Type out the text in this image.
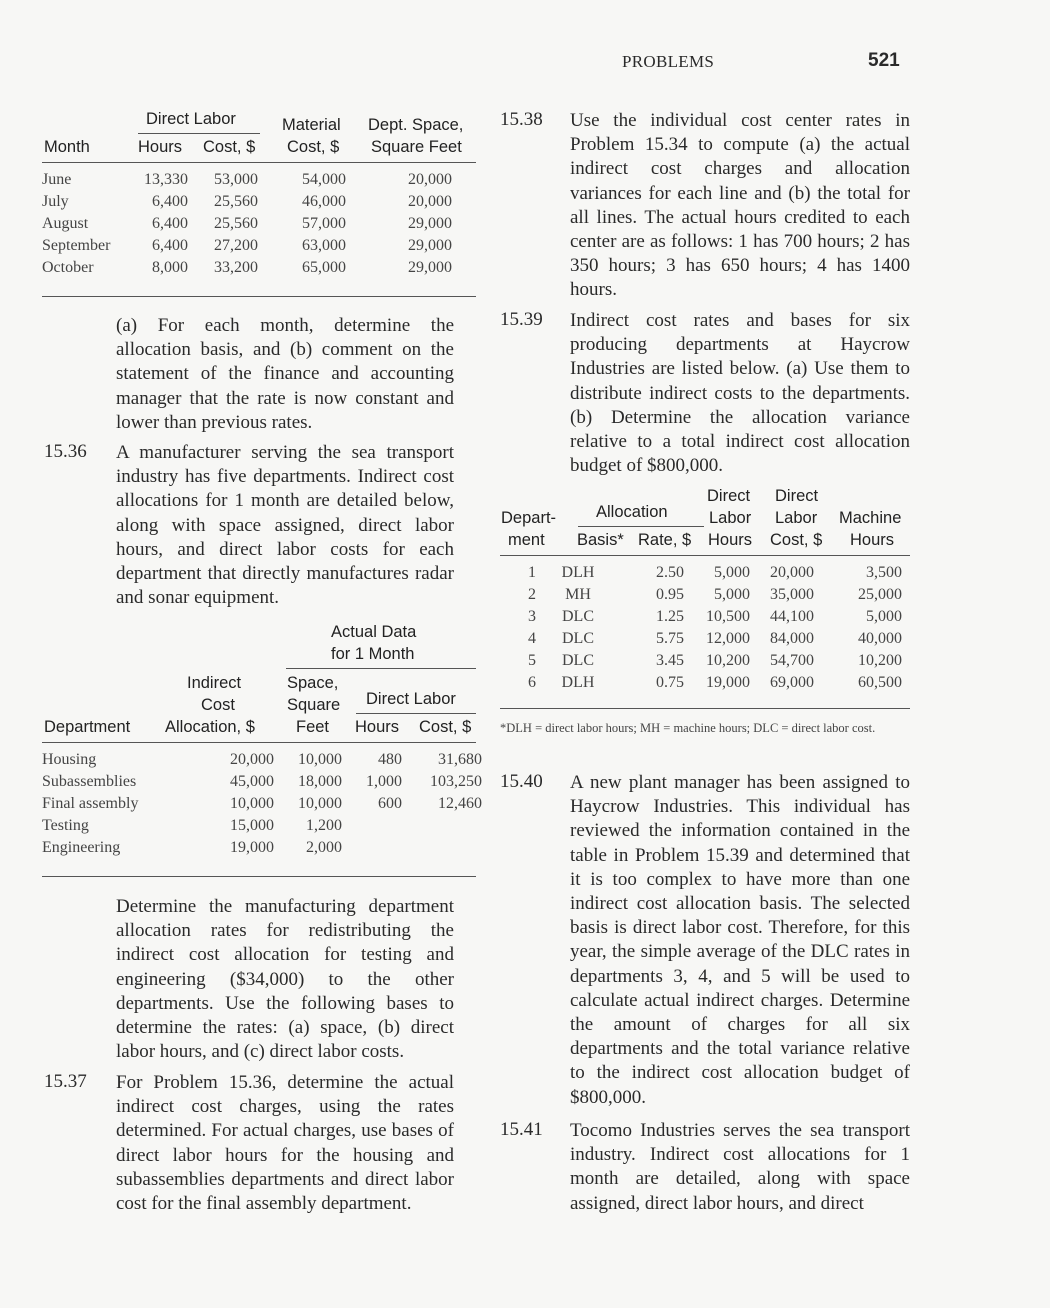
PROBLEMS	521
Direct Labor	Material Dept. Space,
Month	Hours Cost, $ Cost, $ Square Feet
June	13,330	53,000	54,000	20,000
July	6,400	25,560	46,000	20,000
August	6,400	25,560	57,000	29,000
September	6,400	27,200	63,000	29,000
October	8,000	33,200	65,000	29,000
(a) For each month, determine the allocation basis, and (b) comment on the statement of the finance and accounting manager that the rate is now constant and lower than previous rates.
15.36 A manufacturer serving the sea transport industry has five departments. Indirect cost allocations for 1 month are detailed below, along with space assigned, direct labor hours, and direct labor costs for each department that directly manufactures radar and sonar equipment.
Actual Data
for 1 Month
Indirect
Cost
Allocation, $
Space,
Square
Feet
Direct Labor
Hours Cost, $
Department
Housing	20,000	10,000	480	31,680
Subassemblies	45,000	18,000	1,000	103,250
Final assembly	10,000	10,000	600	12,460
Testing	15,000	1,200		
Engineering	19,000	2,000		
Determine the manufacturing department allocation rates for redistributing the indirect cost allocation for testing and engineering ($34,000) to the other departments. Use the following bases to determine the rates: (a) space, (b) direct labor hours, and (c) direct labor costs.
15.37 For Problem 15.36, determine the actual indirect cost charges, using the rates determined. For actual charges, use bases of direct labor hours for the housing and subassemblies departments and direct labor cost for the final assembly department.
15.38 Use the individual cost center rates in Problem 15.34 to compute (a) the actual indirect cost charges and allocation variances for each line and (b) the total for all lines. The actual hours credited to each center are as follows: 1 has 700 hours; 2 has 350 hours; 3 has 650 hours; 4 has 1400 hours.
15.39 Indirect cost rates and bases for six producing departments at Haycrow Industries are listed below. (a) Use them to distribute indirect costs to the departments. (b) Determine the allocation variance relative to a total indirect cost allocation budget of $800,000.
Direct Direct
Allocation
Depart-	Labor Labor Machine
ment Basis* Rate, $ Hours Cost, $ Hours
1	DLH	2.50	5,000	20,000	3,500
2	MH	0.95	5,000	35,000	25,000
3	DLC	1.25	10,500	44,100	5,000
4	DLC	5.75	12,000	84,000	40,000
5	DLC	3.45	10,200	54,700	10,200
6	DLH	0.75	19,000	69,000	60,500
*DLH = direct labor hours; MH = machine hours; DLC = direct labor cost.
15.40 A new plant manager has been assigned to Haycrow Industries. This individual has reviewed the information contained in the table in Problem 15.39 and determined that it is too complex to have more than one indirect cost allocation basis. The selected basis is direct labor cost. Therefore, for this year, the simple average of the DLC rates in departments 3, 4, and 5 will be used to calculate actual indirect charges. Determine the amount of charges for all six departments and the total variance relative to the indirect cost allocation budget of $800,000.
15.41 Tocomo Industries serves the sea transport industry. Indirect cost allocations for 1 month are detailed, along with space assigned, direct labor hours, and direct
